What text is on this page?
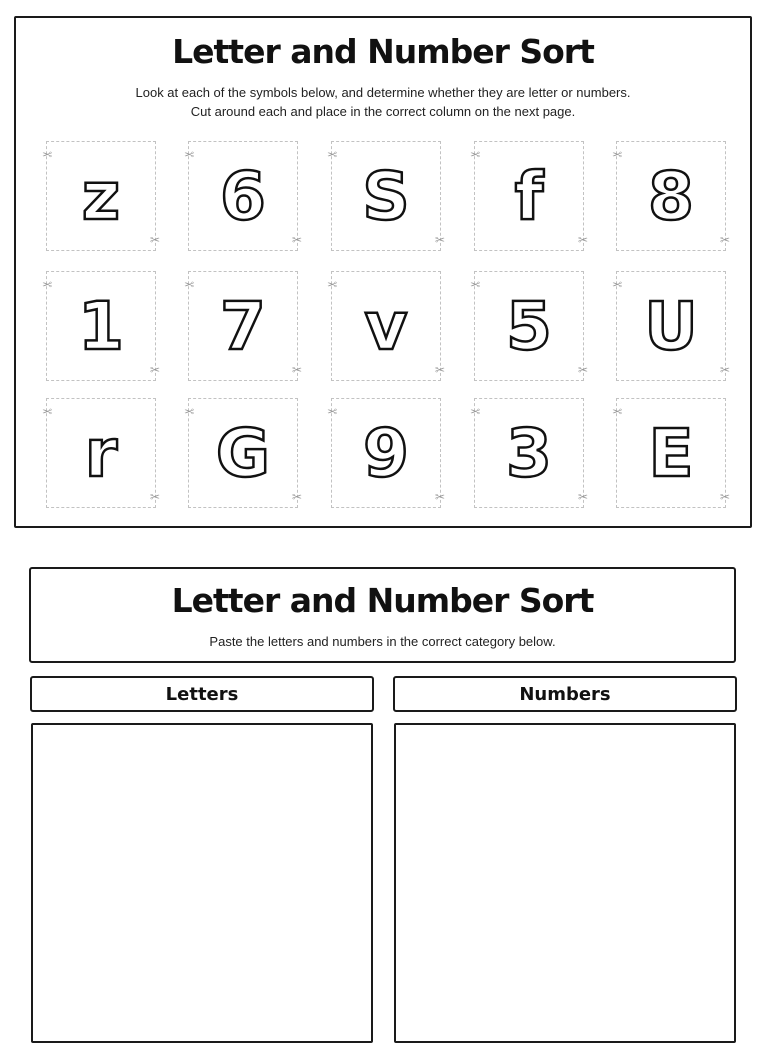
Letter and Number Sort
Look at each of the symbols below, and determine whether they are letter or numbers.
Cut around each and place in the correct column on the next page.
✂
z
✂
✂
6
✂
✂
S
✂
✂
f
✂
✂
8
✂
✂
1
✂
✂
7
✂
✂
v
✂
✂
5
✂
✂
U
✂
✂
r
✂
✂
G
✂
✂
9
✂
✂
3
✂
✂
E
✂
Letter and Number Sort
Paste the letters and numbers in the correct category below.
Letters	Numbers
